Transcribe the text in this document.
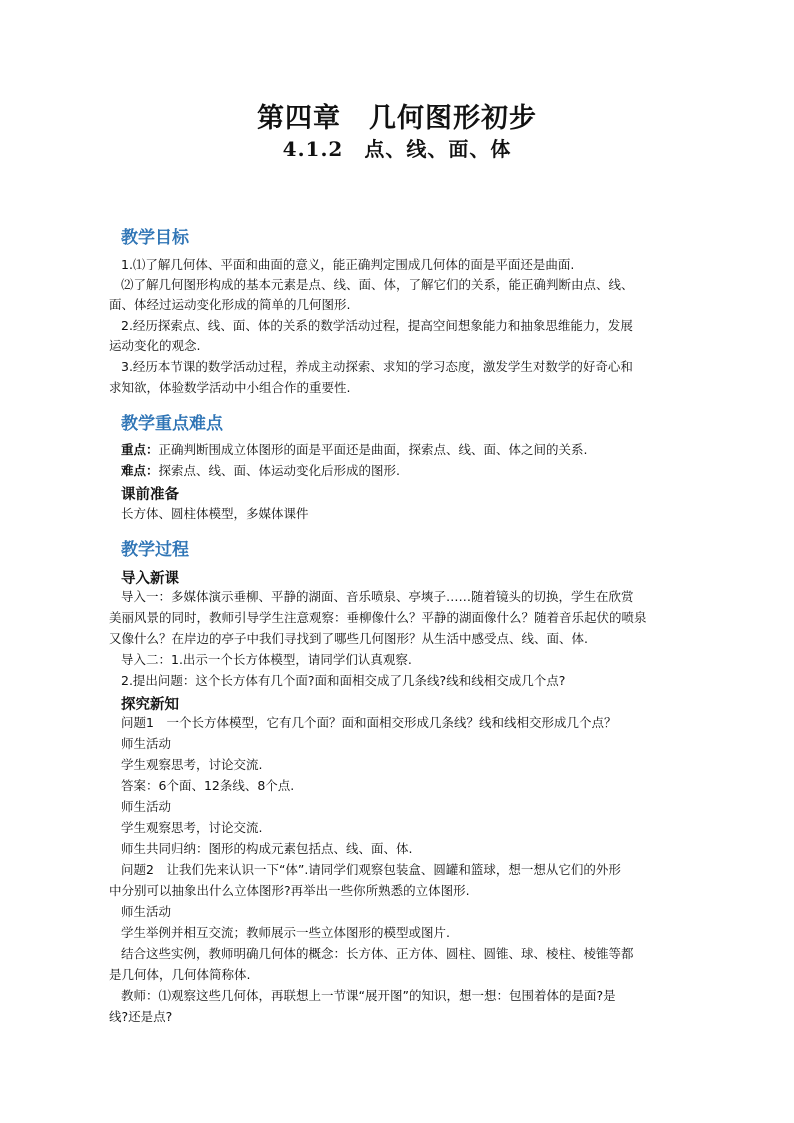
第四章　几何图形初步
4.1.2　点、线、面、体
教学目标
1.⑴了解几何体、平面和曲面的意义，能正确判定围成几何体的面是平面还是曲面.
⑵了解几何图形构成的基本元素是点、线、面、体，了解它们的关系，能正确判断由点、线、
面、体经过运动变化形成的简单的几何图形.
2.经历探索点、线、面、体的关系的数学活动过程，提高空间想象能力和抽象思维能力，发展
运动变化的观念.
3.经历本节课的数学活动过程，养成主动探索、求知的学习态度，激发学生对数学的好奇心和
求知欲，体验数学活动中小组合作的重要性.
教学重点难点
重点：正确判断围成立体图形的面是平面还是曲面，探索点、线、面、体之间的关系.
难点：探索点、线、面、体运动变化后形成的图形.
课前准备
长方体、圆柱体模型，多媒体课件
教学过程
导入新课
导入一：多媒体演示垂柳、平静的湖面、音乐喷泉、亭塽子……随着镜头的切换，学生在欣赏
美丽风景的同时，教师引导学生注意观察：垂柳像什么？平静的湖面像什么？随着音乐起伏的喷泉
又像什么？在岸边的亭子中我们寻找到了哪些几何图形？从生活中感受点、线、面、体.
导入二：1.出示一个长方体模型，请同学们认真观察.
2.提出问题：这个长方体有几个面?面和面相交成了几条线?线和线相交成几个点?
探究新知
问题1　一个长方体模型，它有几个面？面和面相交形成几条线？线和线相交形成几个点？
师生活动
学生观察思考，讨论交流.
答案：6个面、12条线、8个点.
师生活动
学生观察思考，讨论交流.
师生共同归纳：图形的构成元素包括点、线、面、体.
问题2　让我们先来认识一下“体”.请同学们观察包装盒、圆罐和篮球，想一想从它们的外形
中分别可以抽象出什么立体图形?再举出一些你所熟悉的立体图形.
师生活动
学生举例并相互交流；教师展示一些立体图形的模型或图片.
结合这些实例，教师明确几何体的概念：长方体、正方体、圆柱、圆锥、球、棱柱、棱锥等都
是几何体，几何体简称体.
教师：⑴观察这些几何体，再联想上一节课“展开图”的知识，想一想：包围着体的是面?是
线?还是点?
